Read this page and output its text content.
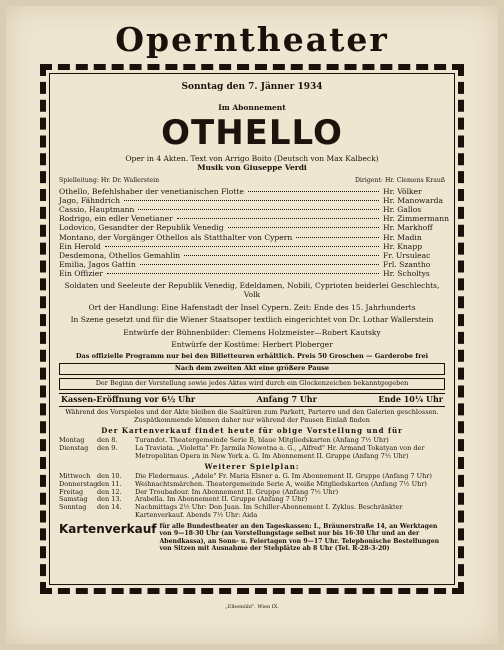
Operntheater
Sonntag den 7. Jänner 1934
Im Abonnement
OTHELLO
Oper in 4 Akten. Text von Arrigo Boito (Deutsch von Max Kalbeck)
Musik von Giuseppe Verdi
Spielleitung: Hr. Dr. Wallerstein	Dirigent: Hr. Clemens Krauß
Othello, Befehlshaber der venetianischen Flotte	Hr. Völker
Jago, Fähndrich	Hr. Manowarda
Cassio, Hauptmann	Hr. Gallos
Rodrigo, ein edler Venetianer	Hr. Zimmermann
Lodovico, Gesandter der Republik Venedig	Hr. Markhoff
Montano, der Vorgänger Othellos als Statthalter von Cypern	Hr. Madin
Ein Herold	Hr. Knapp
Desdemona, Othellos Gemahlin	Fr. Ursuleac
Emilia, Jagos Gattin	Frl. Szantho
Ein Offizier	Hr. Scholtys
Soldaten und Seeleute der Republik Venedig, Edeldamen, Nobili, Cyprioten beiderlei Geschlechts, Volk
Ort der Handlung: Eine Hafenstadt der Insel Cypern. Zeit: Ende des 15. Jahrhunderts
In Szene gesetzt und für die Wiener Staatsoper textlich eingerichtet von Dr. Lothar Wallerstein
Entwürfe der Bühnenbilder: Clemens Holzmeister—Robert Kautsky
Entwürfe der Kostüme: Herbert Ploberger
Das offizielle Programm nur bei den Billetteuren erhältlich. Preis 50 Groschen — Garderobe frei
Nach dem zweiten Akt eine größere Pause
Der Beginn der Vorstellung sowie jedes Aktes wird durch ein Glockenzeichen bekanntgegeben
Kassen-Eröffnung vor 6½ Uhr	Anfang 7 Uhr	Ende 10¼ Uhr
Während des Vorspieles und der Akte bleiben die Saaltüren zum Parkett, Parterre und den Galerien geschlossen. Zuspätkommende können daher nur während der Pausen Einlaß finden
Der Kartenverkauf findet heute für obige Vorstellung und für
Montag	den 8.	Turandot. Theatergemeinde Serie B, blaue Mitgliedskarten (Anfang 7½ Uhr)
Dienstag	den 9.	La Traviata. „Violetta" Fr. Jarmila Nowotna a. G., „Alfred" Hr. Armand Tokatyan von der Metropolitan Opera in New York a. G. Im Abonnement II. Gruppe (Anfang 7½ Uhr)
Weiterer Spielplan:
Mittwoch	den 10.	Die Fledermaus. „Adele" Fr. Maria Elsner a. G. Im Abonnement II. Gruppe (Anfang 7 Uhr)
Donnerstag den 11.	Weihnachtsmärchen. Theatergemeinde Serie A, weiße Mitgliedskarten (Anfang 7½ Uhr)
Freitag	den 12.	Der Troubadour. Im Abonnement II. Gruppe (Anfang 7½ Uhr)
Samstag	den 13.	Arabella. Im Abonnement II. Gruppe (Anfang 7 Uhr)
Sonntag	den 14.	Nachmittags 2½ Uhr: Don Juan. Im Schiller-Abonnement I. Zyklus. Beschränkter Kartenverkauf. Abends 7½ Uhr: Aida
Kartenverkauf für alle Bundestheater an den Tageskassen: I., Bräunerstraße 14, an Werktagen von 9—18·30 Uhr (an Vorstellungstage selbst nur bis 16·30 Uhr und an der Abendkassa), an Sonn- u. Feiertagen von 9—17 Uhr. Telephonische Bestellungen von Sitzen mit Ausnahme der Stehplätze ab 8 Uhr (Tel. R-28-3-20)
„Elbemühl". Wien IX.
